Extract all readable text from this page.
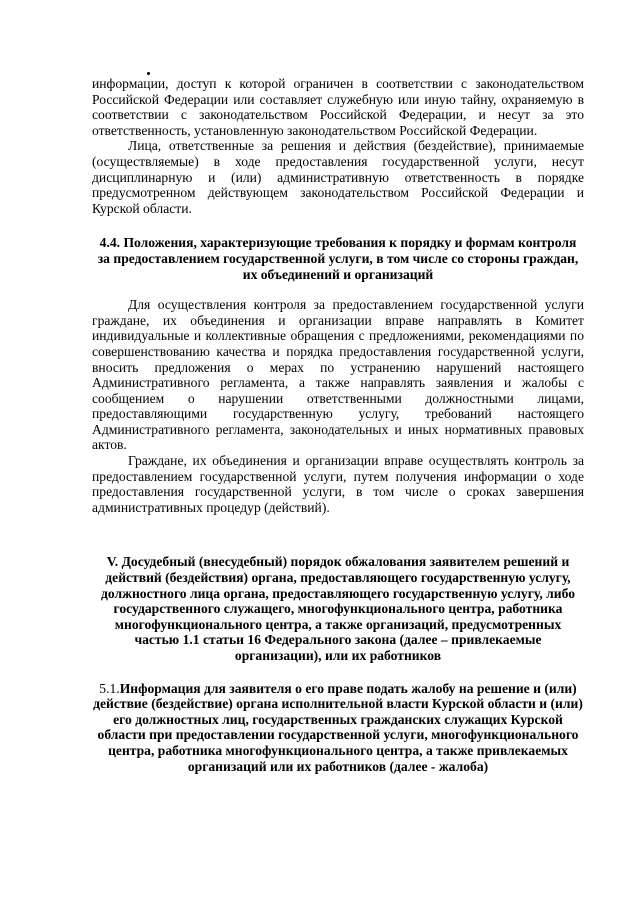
информации, доступ к которой ограничен в соответствии с законодательством Российской Федерации или составляет служебную или иную тайну, охраняемую в соответствии с законодательством Российской Федерации, и несут за это ответственность, установленную законодательством Российской Федерации.

Лица, ответственные за решения и действия (бездействие), принимаемые (осуществляемые) в ходе предоставления государственной услуги, несут дисциплинарную и (или) административную ответственность в порядке предусмотренном действующем законодательством Российской Федерации и Курской области.

4.4. Положения, характеризующие требования к порядку и формам контроля за предоставлением государственной услуги, в том числе со стороны граждан, их объединений и организаций

Для осуществления контроля за предоставлением государственной услуги граждане, их объединения и организации вправе направлять в Комитет индивидуальные и коллективные обращения с предложениями, рекомендациями по совершенствованию качества и порядка предоставления государственной услуги, вносить предложения о мерах по устранению нарушений настоящего Административного регламента, а также направлять заявления и жалобы с сообщением о нарушении ответственными должностными лицами, предоставляющими государственную услугу, требований настоящего Административного регламента, законодательных и иных нормативных правовых актов.

Граждане, их объединения и организации вправе осуществлять контроль за предоставлением государственной услуги, путем получения информации о ходе предоставления государственной услуги, в том числе о сроках завершения административных процедур (действий).

V. Досудебный (внесудебный) порядок обжалования заявителем решений и действий (бездействия) органа, предоставляющего государственную услугу, должностного лица органа, предоставляющего государственную услугу, либо государственного служащего, многофункционального центра, работника многофункционального центра, а также организаций, предусмотренных частью 1.1 статьи 16 Федерального закона (далее – привлекаемые организации), или их работников
5.1.Информация для заявителя о его праве подать жалобу на решение и (или) действие (бездействие) органа исполнительной власти Курской области и (или) его должностных лиц, государственных гражданских служащих Курской области при предоставлении государственной услуги, многофункционального центра, работника многофункционального центра, а также привлекаемых организаций или их работников (далее - жалоба)
